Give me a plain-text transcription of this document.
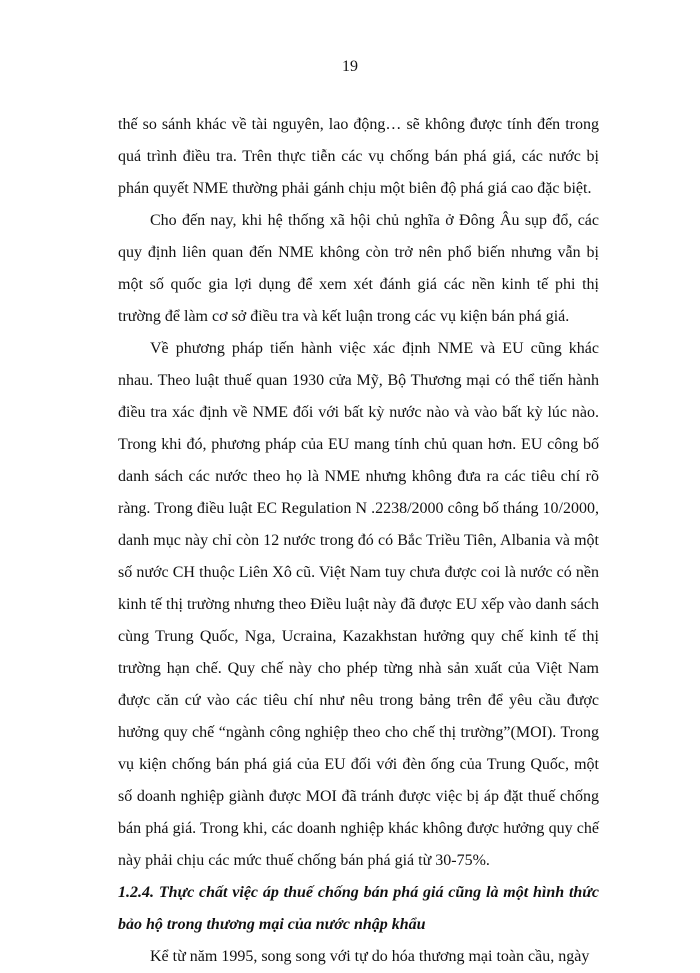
19

thế so sánh khác về tài nguyên, lao động… sẽ không được tính đến trong quá trình điều tra. Trên thực tiễn các vụ chống bán phá giá, các nước bị phán quyết NME thường phải gánh chịu một biên độ phá giá cao đặc biệt.

Cho đến nay, khi hệ thống xã hội chủ nghĩa ở Đông Âu sụp đổ, các quy định liên quan đến NME không còn trở nên phổ biến nhưng vẫn bị một số quốc gia lợi dụng để xem xét đánh giá các nền kinh tế phi thị trường để làm cơ sở điều tra và kết luận trong các vụ kiện bán phá giá.

Về phương pháp tiến hành việc xác định NME và EU cũng khác nhau. Theo luật thuế quan 1930 cửa Mỹ, Bộ Thương mại có thể tiến hành điều tra xác định về NME đối với bất kỳ nước nào và vào bất kỳ lúc nào. Trong khi đó, phương pháp của EU mang tính chủ quan hơn. EU công bố danh sách các nước theo họ là NME nhưng không đưa ra các tiêu chí rõ ràng. Trong điều luật EC Regulation N .2238/2000 công bố tháng 10/2000, danh mục này chỉ còn 12 nước trong đó có Bắc Triều Tiên, Albania và một số nước CH thuộc Liên Xô cũ. Việt Nam tuy chưa được coi là nước có nền kinh tế thị trường nhưng theo Điều luật này đã được EU xếp vào danh sách cùng Trung Quốc, Nga, Ucraina, Kazakhstan hưởng quy chế kinh tế thị trường hạn chế. Quy chế này cho phép từng nhà sản xuất của Việt Nam được căn cứ vào các tiêu chí như nêu trong bảng trên để yêu cầu được hưởng quy chế “ngành công nghiệp theo cho chế thị trường”(MOI). Trong vụ kiện chống bán phá giá của EU đối với đèn ống của Trung Quốc, một số doanh nghiệp giành được MOI đã tránh được việc bị áp đặt thuế chống bán phá giá. Trong khi, các doanh nghiệp khác không được hưởng quy chế này phải chịu các mức thuế chống bán phá giá từ 30-75%.

1.2.4. Thực chất việc áp thuế chống bán phá giá cũng là một hình thức bảo hộ trong thương mại của nước nhập khẩu

Kể từ năm 1995, song song với tự do hóa thương mại toàn cầu, ngày
